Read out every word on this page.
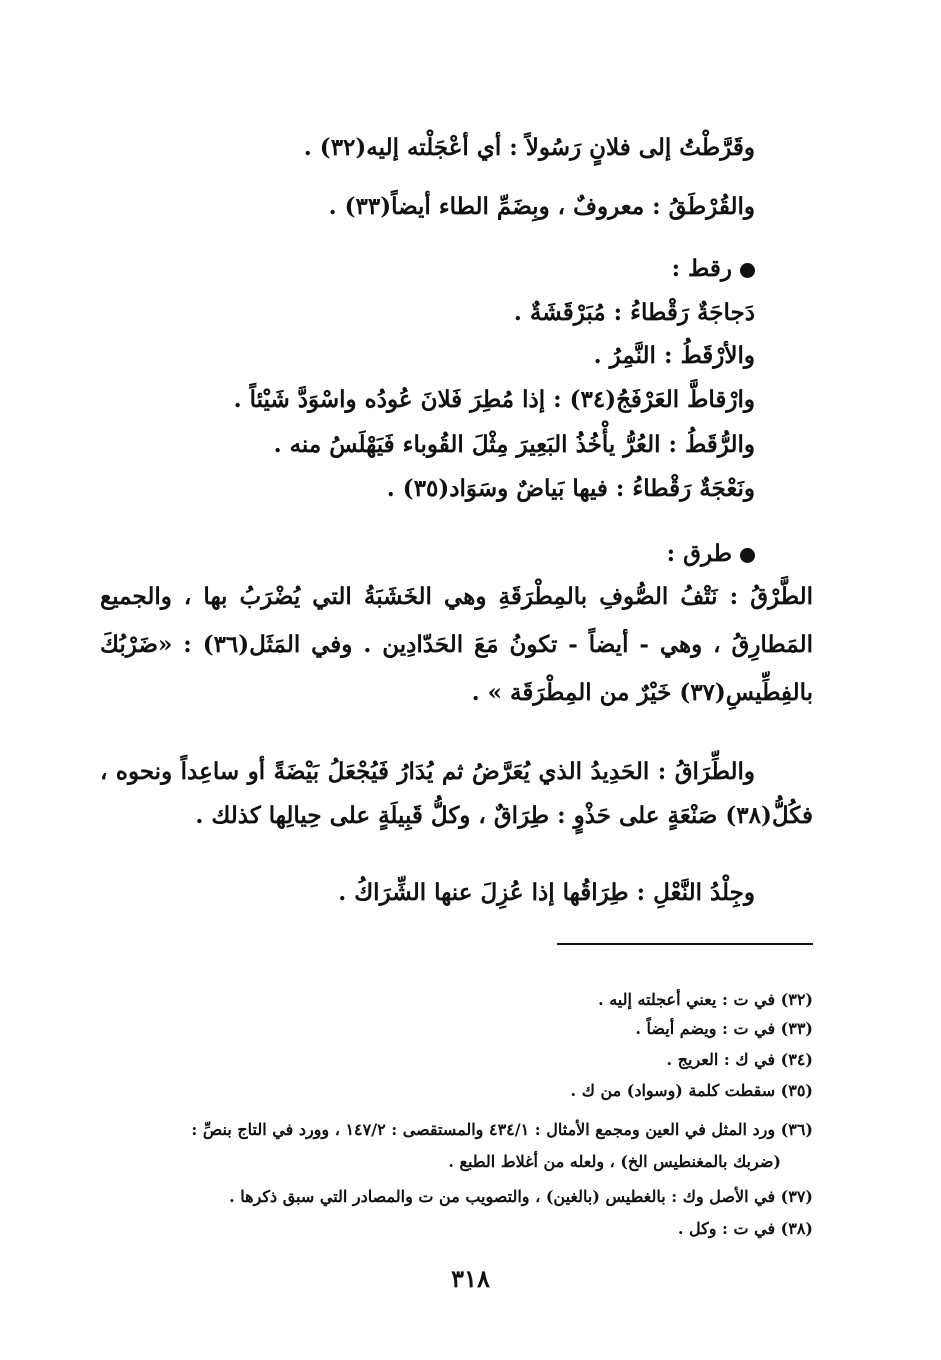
وقَرَّطْتُ إلى فلانٍ رَسُولاً : أي أعْجَلْته إليه(٣٢) .
والقُرْطَقُ : معروفٌ ، وبِضَمِّ الطاء أيضاً(٣٣) .
رقط :
دَجاجَةٌ رَقْطاءُ : مُبَرْقَشَةٌ .
والأرْقَطُ : النَّمِرُ .
وارْقاطَّ العَرْفَجُ(٣٤) : إذا مُطِرَ فَلانَ عُودُه واسْوَدَّ شَيْئاً .
والرُّقَطُ : العُرُّ يأْخُذُ البَعِيرَ مِثْلَ القُوباء فَيَهْلَسُ منه .
ونَعْجَةٌ رَقْطاءُ : فيها بَياضٌ وسَوَاد(٣٥) .
طرق :
الطَّرْقُ : نَتْفُ الصُّوفِ بالمِطْرَقَةِ وهي الخَشَبَةُ التي يُضْرَبُ بها ، والجميع
المَطارِقُ ، وهي - أيضاً - تكونُ مَعَ الحَدّادِين . وفي المَثَل(٣٦) : «ضَرْبُكَ
بالفِطِّيسِ(٣٧) خَيْرٌ من المِطْرَقَة » .
والطِّرَاقُ : الحَدِيدُ الذي يُعَرَّضُ ثم يُدَارُ فَيُجْعَلُ بَيْضَةً أو ساعِداً ونحوه ،
فكُلُّ(٣٨) صَنْعَةٍ على حَذْوٍ : طِرَاقٌ ، وكلُّ قَبِيلَةٍ على حِيالِها كذلك .
وجِلْدُ النَّعْلِ : طِرَاقُها إذا عُزِلَ عنها الشِّرَاكُ .
(٣٢) في ت : يعني أعجلته إليه .
(٣٣) في ت : ويضم أيضاً .
(٣٤) في ك : العريج .
(٣٥) سقطت كلمة (وسواد) من ك .
(٣٦) ورد المثل في العين ومجمع الأمثال : ٤٣٤/١ والمستقصى : ١٤٧/٢ ، وورد في التاج بنصِّ :
(ضربك بالمغنطيس الخ) ، ولعله من أغلاط الطبع .
(٣٧) في الأصل وك : بالغطيس (بالغين) ، والتصويب من ت والمصادر التي سبق ذكرها .
(٣٨) في ت : وكل .
٣١٨
